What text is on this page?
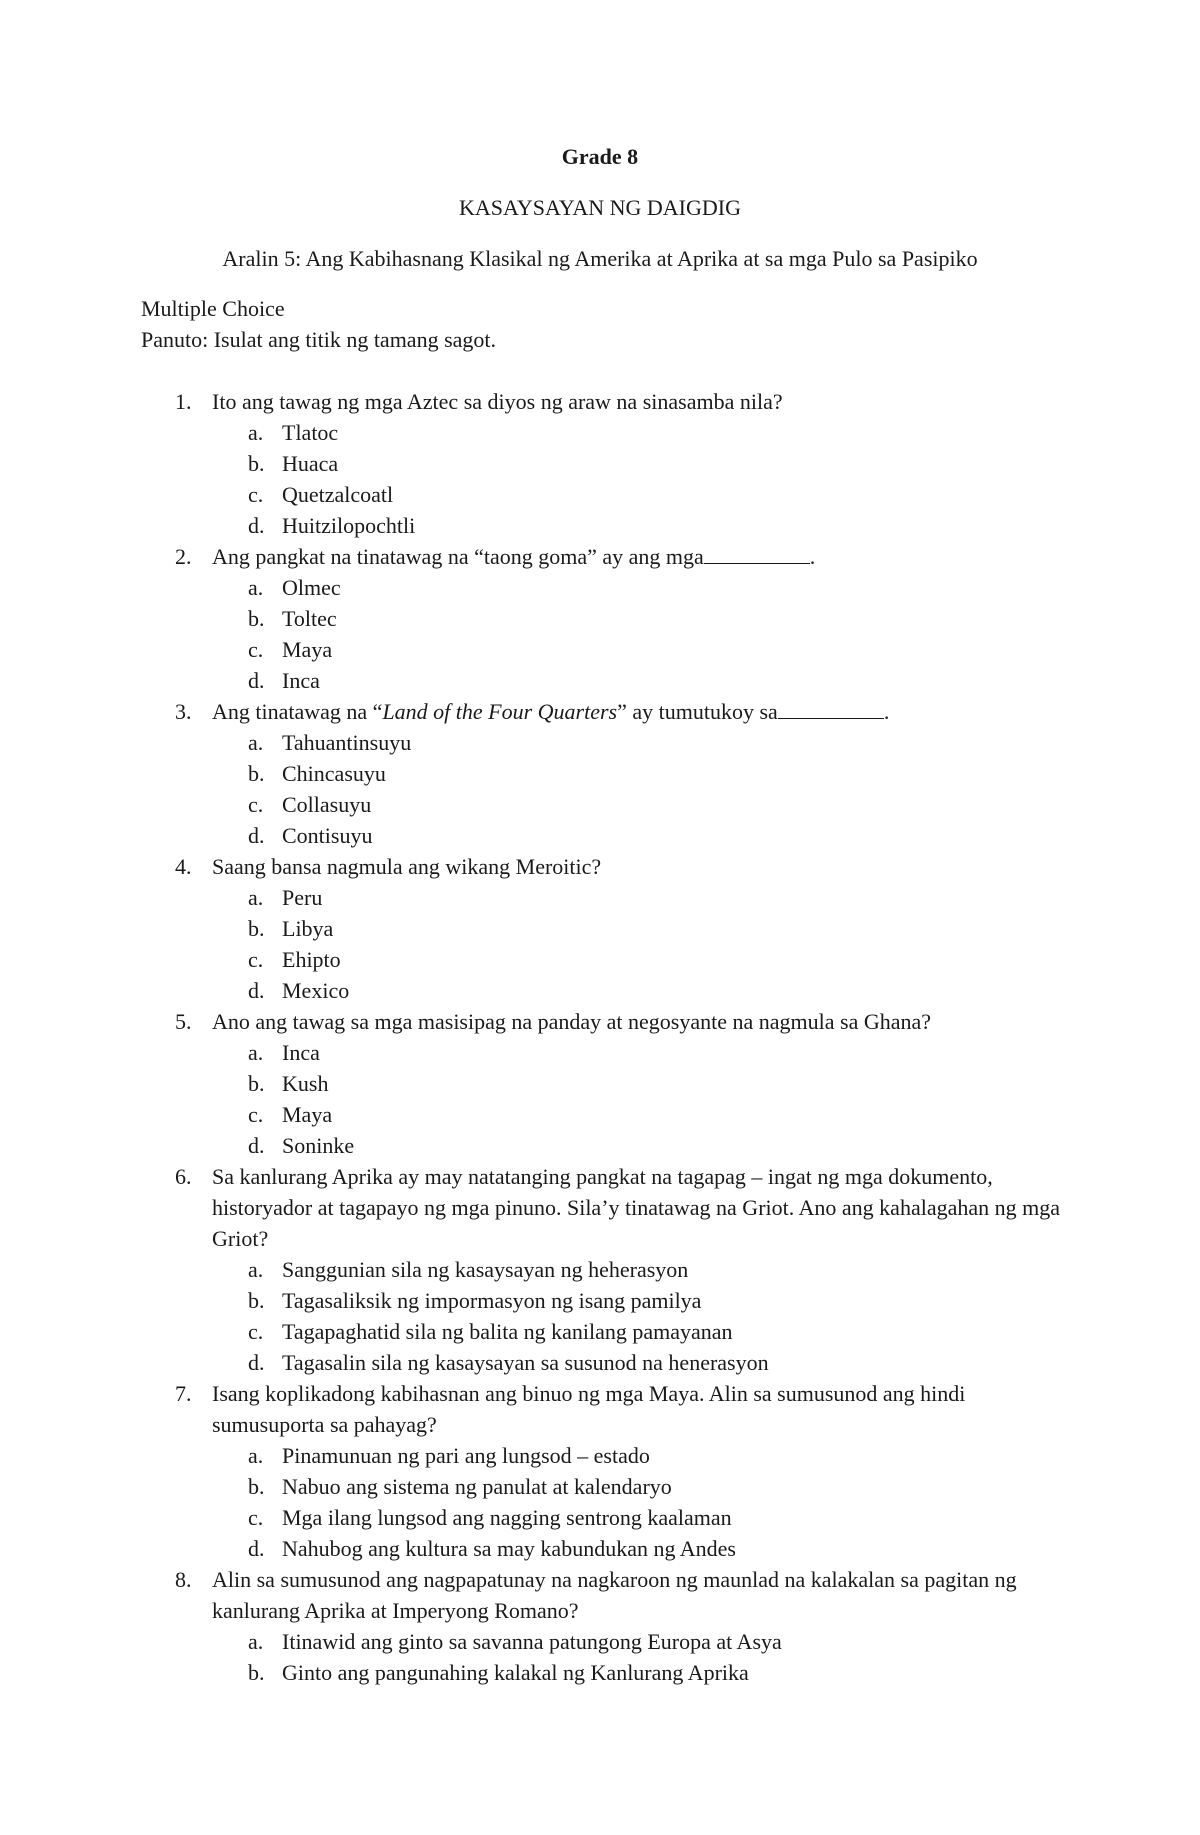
Grade 8
KASAYSAYAN NG DAIGDIG
Aralin 5: Ang Kabihasnang Klasikal ng Amerika at Aprika at sa mga Pulo sa Pasipiko
Multiple Choice
Panuto: Isulat ang titik ng tamang sagot.
1. Ito ang tawag ng mga Aztec sa diyos ng araw na sinasamba nila?
a. Tlatoc
b. Huaca
c. Quetzalcoatl
d. Huitzilopochtli
2. Ang pangkat na tinatawag na “taong goma” ay ang mga	.
a. Olmec
b. Toltec
c. Maya
d. Inca
3. Ang tinatawag na “Land of the Four Quarters” ay tumutukoy sa	.
a. Tahuantinsuyu
b. Chincasuyu
c. Collasuyu
d. Contisuyu
4. Saang bansa nagmula ang wikang Meroitic?
a. Peru
b. Libya
c. Ehipto
d. Mexico
5. Ano ang tawag sa mga masisipag na panday at negosyante na nagmula sa Ghana?
a. Inca
b. Kush
c. Maya
d. Soninke
6. Sa kanlurang Aprika ay may natatanging pangkat na tagapag – ingat ng mga dokumento, historyador at tagapayo ng mga pinuno. Sila’y tinatawag na Griot. Ano ang kahalagahan ng mga Griot?
a. Sanggunian sila ng kasaysayan ng heherasyon
b. Tagasaliksik ng impormasyon ng isang pamilya
c. Tagapaghatid sila ng balita ng kanilang pamayanan
d. Tagasalin sila ng kasaysayan sa susunod na henerasyon
7. Isang koplikadong kabihasnan ang binuo ng mga Maya. Alin sa sumusunod ang hindi sumusuporta sa pahayag?
a. Pinamunuan ng pari ang lungsod – estado
b. Nabuo ang sistema ng panulat at kalendaryo
c. Mga ilang lungsod ang nagging sentrong kaalaman
d. Nahubog ang kultura sa may kabundukan ng Andes
8. Alin sa sumusunod ang nagpapatunay na nagkaroon ng maunlad na kalakalan sa pagitan ng kanlurang Aprika at Imperyong Romano?
a. Itinawid ang ginto sa savanna patungong Europa at Asya
b. Ginto ang pangunahing kalakal ng Kanlurang Aprika
